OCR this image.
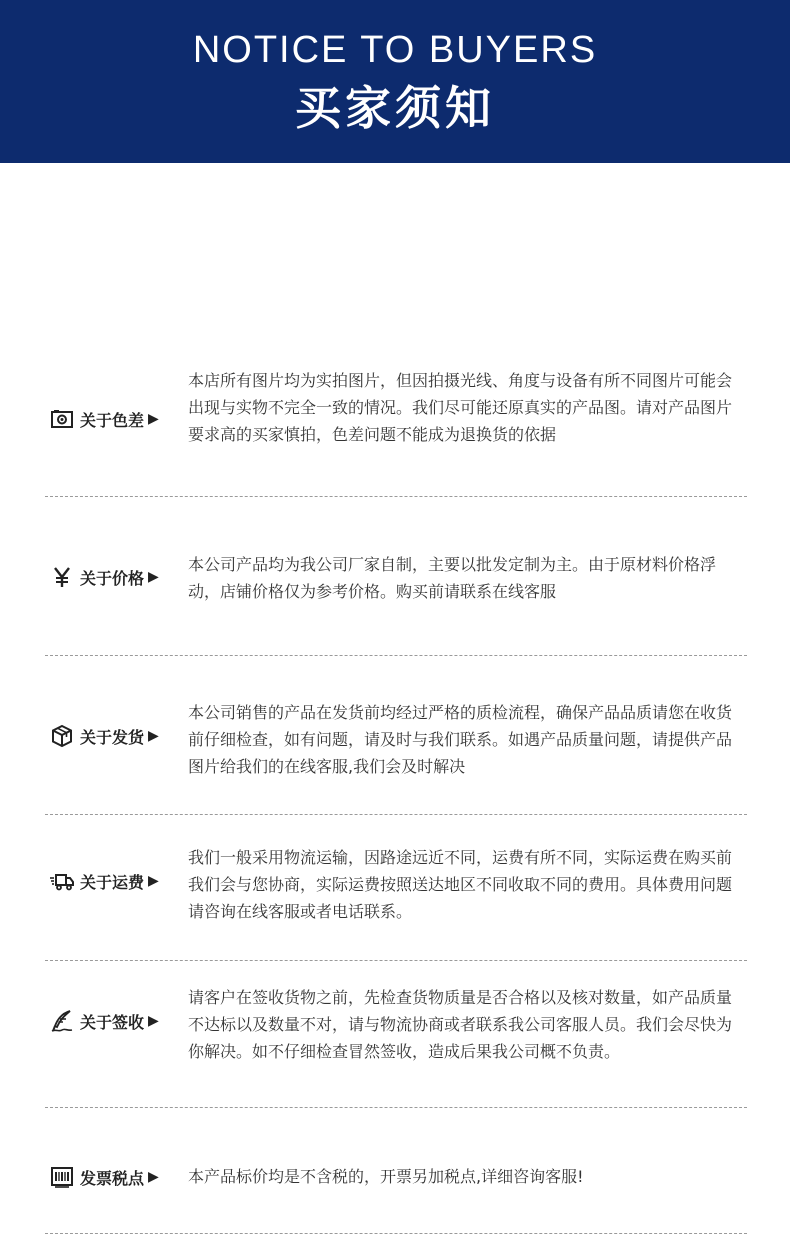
NOTICE TO BUYERS
买家须知
关于色差 ▶
本店所有图片均为实拍图片，但因拍摄光线、角度与设备有所不同图片可能会出现与实物不完全一致的情况。我们尽可能还原真实的产品图。请对产品图片要求高的买家慎拍，色差问题不能成为退换货的依据
关于价格 ▶
本公司产品均为我公司厂家自制，主要以批发定制为主。由于原材料价格浮动，店铺价格仅为参考价格。购买前请联系在线客服
关于发货 ▶
本公司销售的产品在发货前均经过严格的质检流程，确保产品品质请您在收货前仔细检查，如有问题，请及时与我们联系。如遇产品质量问题，请提供产品图片给我们的在线客服,我们会及时解决
关于运费 ▶
我们一般采用物流运输，因路途远近不同，运费有所不同，实际运费在购买前我们会与您协商，实际运费按照送达地区不同收取不同的费用。具体费用问题请咨询在线客服或者电话联系。
关于签收 ▶
请客户在签收货物之前，先检查货物质量是否合格以及核对数量，如产品质量不达标以及数量不对，请与物流协商或者联系我公司客服人员。我们会尽快为你解决。如不仔细检查冒然签收，造成后果我公司概不负责。
发票税点 ▶ 本产品标价均是不含税的，开票另加税点,详细咨询客服!
